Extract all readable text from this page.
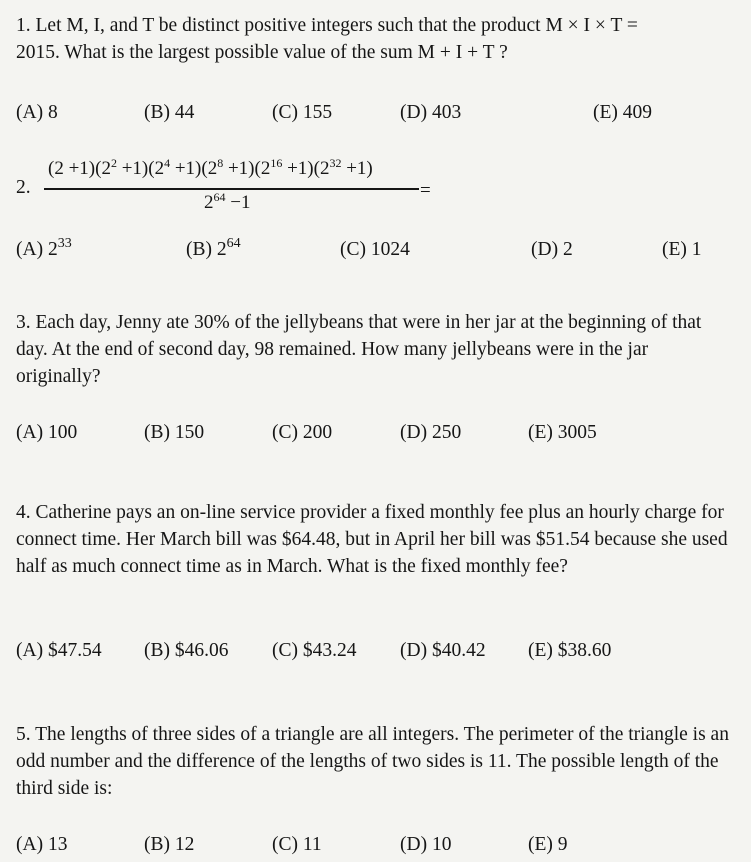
1. Let M, I, and T be distinct positive integers such that the product M × I × T =
2015. What is the largest possible value of the sum M + I + T ?
(A) 8	(B) 44	(C) 155	(D) 403	(E) 409
2.
$(2 +1)(2^2 +1)(2^4 +1)(2^8 +1)(2^{16} +1)(2^{32} +1)$
$2^{64} -1$
=
(A) $2^{33}$	(B) $2^{64}$	(C) 1024	(D) 2	(E) 1
3. Each day, Jenny ate 30% of the jellybeans that were in her jar at the beginning of that day. At the end of second day, 98 remained. How many jellybeans were in the jar originally?
(A) 100	(B) 150	(C) 200	(D) 250	(E) 3005
4. Catherine pays an on-line service provider a fixed monthly fee plus an hourly charge for connect time. Her March bill was $64.48, but in April her bill was $51.54 because she used half as much connect time as in March. What is the fixed monthly fee?
(A) $47.54 (B) $46.06 (C) $43.24 (D) $40.42 (E) $38.60
5. The lengths of three sides of a triangle are all integers. The perimeter of the triangle is an odd number and the difference of the lengths of two sides is 11. The possible length of the third side is:
(A) 13	(B) 12	(C) 11	(D) 10	(E) 9
